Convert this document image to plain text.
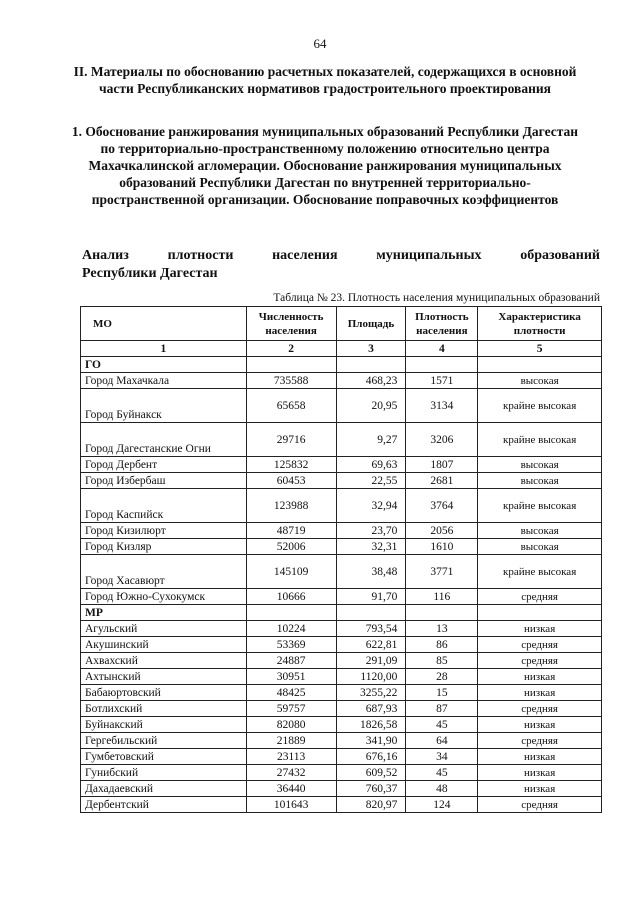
64
II. Материалы по обоснованию расчетных показателей, содержащихся в основной части Республиканских нормативов градостроительного проектирования
1. Обоснование ранжирования муниципальных образований Республики Дагестан по территориально-пространственному положению относительно центра Махачкалинской агломерации. Обоснование ранжирования муниципальных образований Республики Дагестан по внутренней территориально-пространственной организации. Обоснование поправочных коэффициентов
Анализ	плотности	населения	муниципальных	образований
Республики Дагестан
Таблица № 23. Плотность населения муниципальных образований
МО	Численность населения	Площадь	Плотность населения	Характеристика плотности
1	2	3	4	5
ГО				
Город Махачкала	735588	468,23	1571	высокая
Город Буйнакск	65658	20,95	3134	крайне высокая
Город Дагестанские Огни	29716	9,27	3206	крайне высокая
Город Дербент	125832	69,63	1807	высокая
Город Избербаш	60453	22,55	2681	высокая
Город Каспийск	123988	32,94	3764	крайне высокая
Город Кизилюрт	48719	23,70	2056	высокая
Город Кизляр	52006	32,31	1610	высокая
Город Хасавюрт	145109	38,48	3771	крайне высокая
Город Южно-Сухокумск	10666	91,70	116	средняя
МР				
Агульский	10224	793,54	13	низкая
Акушинский	53369	622,81	86	средняя
Ахвахский	24887	291,09	85	средняя
Ахтынский	30951	1120,00	28	низкая
Бабаюртовский	48425	3255,22	15	низкая
Ботлихский	59757	687,93	87	средняя
Буйнакский	82080	1826,58	45	низкая
Гергебильский	21889	341,90	64	средняя
Гумбетовский	23113	676,16	34	низкая
Гунибский	27432	609,52	45	низкая
Дахадаевский	36440	760,37	48	низкая
Дербентский	101643	820,97	124	средняя
